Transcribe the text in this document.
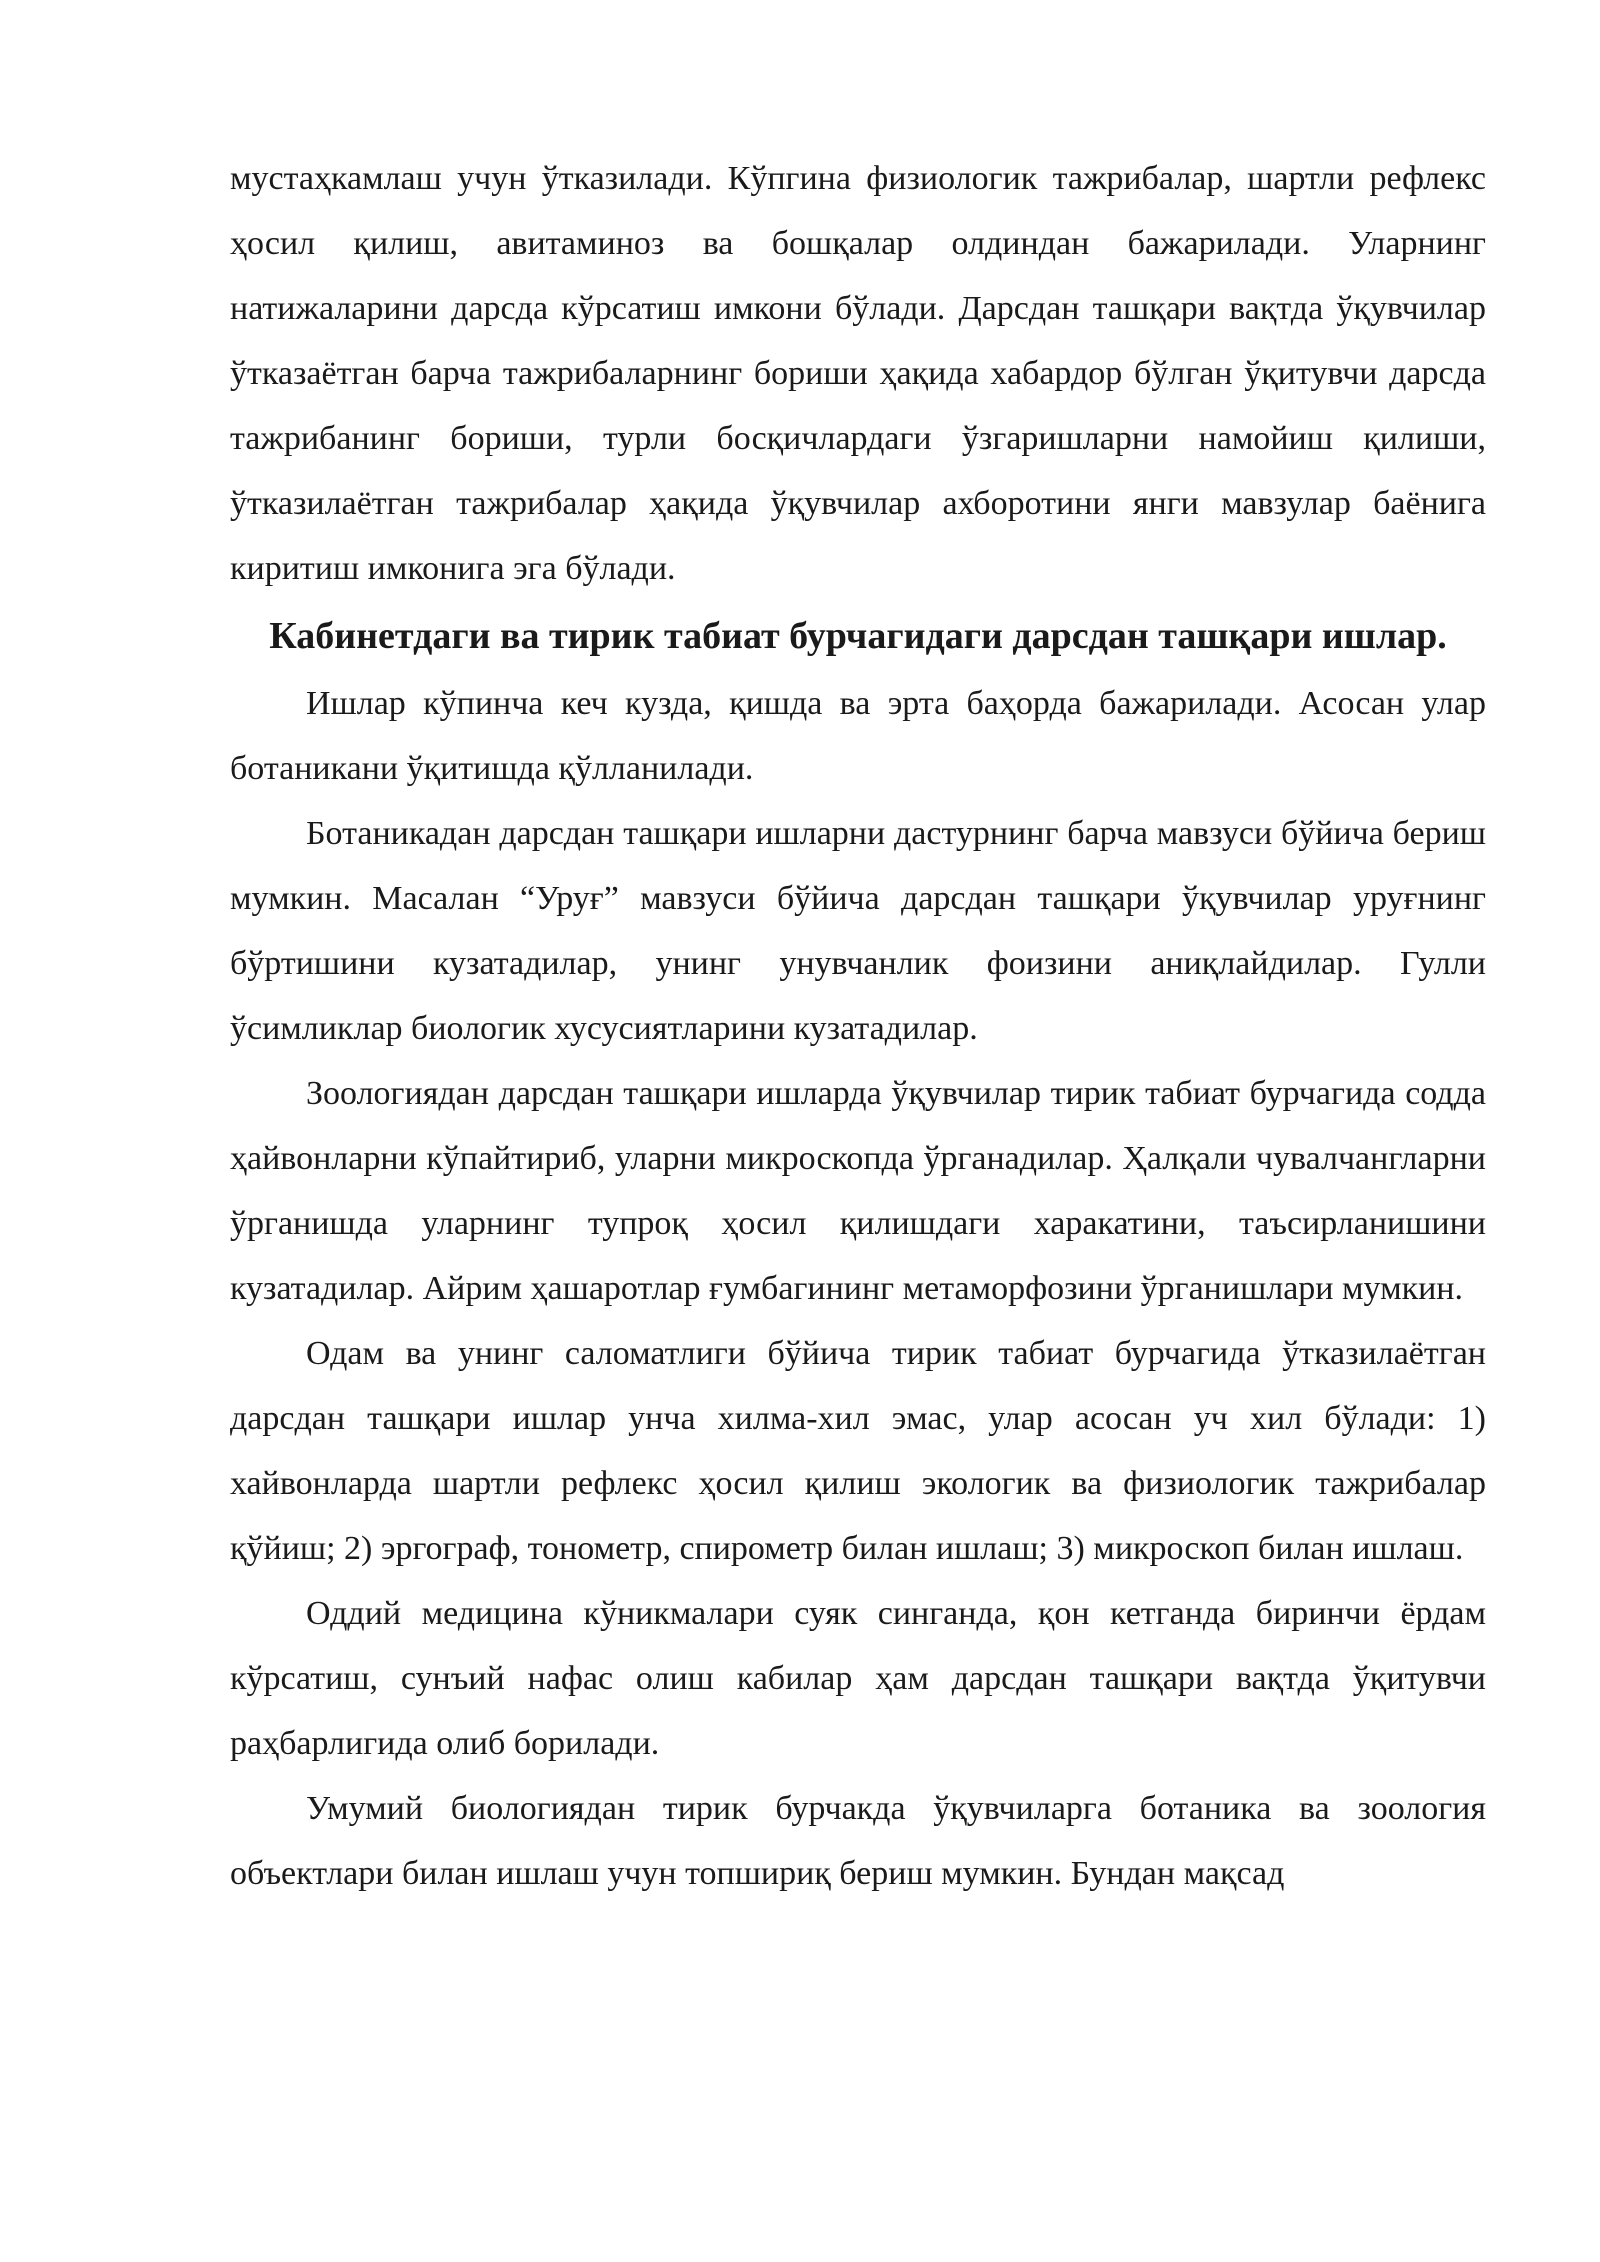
мустаҳкамлаш учун ўтказилади. Кўпгина физиологик тажрибалар, шартли рефлекс ҳосил қилиш, авитаминоз ва бошқалар олдиндан бажарилади. Уларнинг натижаларини дарсда кўрсатиш имкони бўлади. Дарсдан ташқари вақтда ўқувчилар ўтказаётган барча тажрибаларнинг бориши ҳақида хабардор бўлган ўқитувчи дарсда тажрибанинг бориши, турли босқичлардаги ўзгаришларни намойиш қилиши, ўтказилаётган тажрибалар ҳақида ўқувчилар ахборотини янги мавзулар баёнига киритиш имконига эга бўлади.

Кабинетдаги ва тирик табиат бурчагидаги дарсдан ташқари ишлар.

Ишлар кўпинча кеч кузда, қишда ва эрта баҳорда бажарилади. Асосан улар ботаникани ўқитишда қўлланилади.

Ботаникадан дарсдан ташқари ишларни дастурнинг барча мавзуси бўйича бериш мумкин. Масалан “Уруғ” мавзуси бўйича дарсдан ташқари ўқувчилар уруғнинг бўртишини кузатадилар, унинг унувчанлик фоизини аниқлайдилар. Гулли ўсимликлар биологик хусусиятларини кузатадилар.

Зоологиядан дарсдан ташқари ишларда ўқувчилар тирик табиат бурчагида содда ҳайвонларни кўпайтириб, уларни микроскопда ўрганадилар. Ҳалқали чувалчангларни ўрганишда уларнинг тупроқ ҳосил қилишдаги харакатини, таъсирланишини кузатадилар. Айрим ҳашаротлар ғумбагининг метаморфозини ўрганишлари мумкин.

Одам ва унинг саломатлиги бўйича тирик табиат бурчагида ўтказилаётган дарсдан ташқари ишлар унча хилма-хил эмас, улар асосан уч хил бўлади: 1) хайвонларда шартли рефлекс ҳосил қилиш экологик ва физиологик тажрибалар қўйиш; 2) эргограф, тонометр, спирометр билан ишлаш; 3) микроскоп билан ишлаш.

Оддий медицина кўникмалари суяк синганда, қон кетганда биринчи ёрдам кўрсатиш, сунъий нафас олиш кабилар ҳам дарсдан ташқари вақтда ўқитувчи раҳбарлигида олиб борилади.

Умумий биологиядан тирик бурчакда ўқувчиларга ботаника ва зоология объектлари билан ишлаш учун топшириқ бериш мумкин. Бундан мақсад
